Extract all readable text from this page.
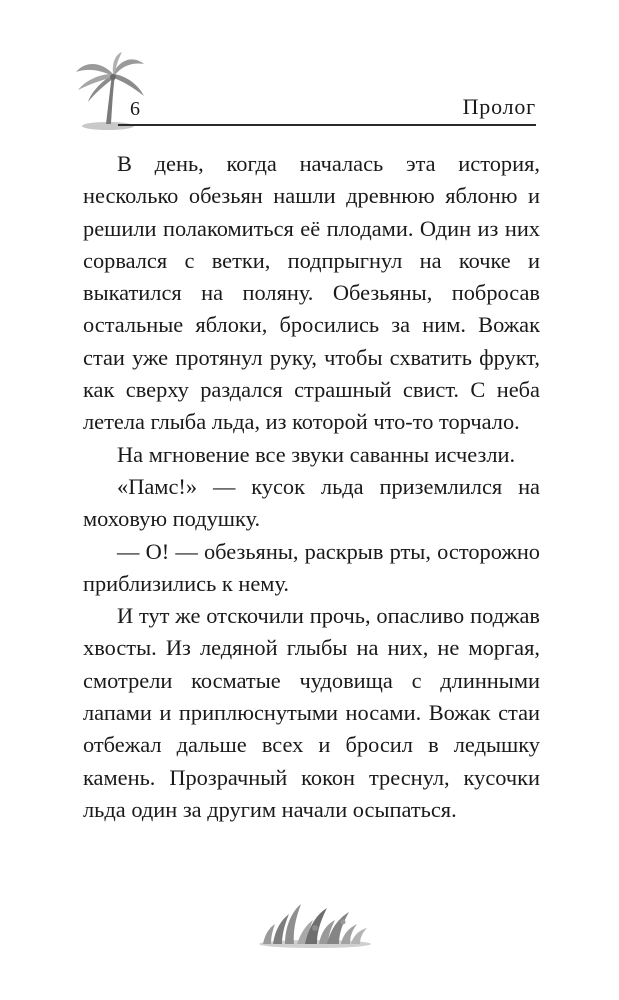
6	Пролог

В день, когда началась эта история, несколько обезьян нашли древнюю яблоню и решили полакомиться её плодами. Один из них сорвался с ветки, подпрыгнул на кочке и выкатился на поляну. Обезьяны, побросав остальные яблоки, бросились за ним. Вожак стаи уже протянул руку, чтобы схватить фрукт, как сверху раздался страшный свист. С неба летела глыба льда, из которой что-то торчало.

На мгновение все звуки саванны исчезли.

«Памс!» — кусок льда приземлился на моховую подушку.

— О! — обезьяны, раскрыв рты, осторожно приблизились к нему.

И тут же отскочили прочь, опасливо поджав хвосты. Из ледяной глыбы на них, не моргая, смотрели косматые чудовища с длинными лапами и приплюснутыми носами. Вожак стаи отбежал дальше всех и бросил в ледышку камень. Прозрачный кокон треснул, кусочки льда один за другим начали осыпаться.
